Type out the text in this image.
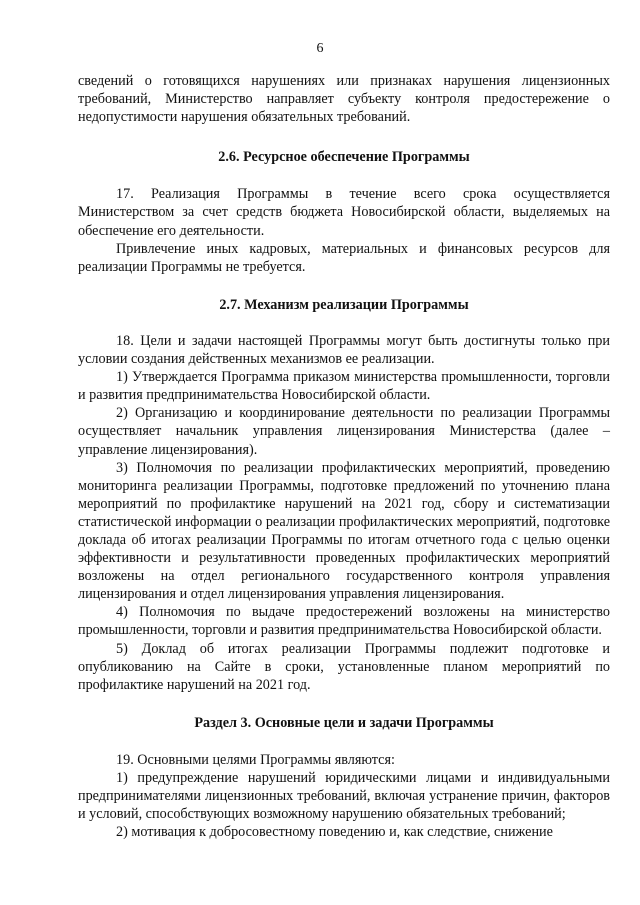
6

сведений о готовящихся нарушениях или признаках нарушения лицензионных требований, Министерство направляет субъекту контроля предостережение о недопустимости нарушения обязательных требований.

2.6. Ресурсное обеспечение Программы

17. Реализация Программы в течение всего срока осуществляется Министерством за счет средств бюджета Новосибирской области, выделяемых на обеспечение его деятельности.

Привлечение иных кадровых, материальных и финансовых ресурсов для реализации Программы не требуется.

2.7. Механизм реализации Программы

18. Цели и задачи настоящей Программы могут быть достигнуты только при условии создания действенных механизмов ее реализации.

1) Утверждается Программа приказом министерства промышленности, торговли и развития предпринимательства Новосибирской области.

2) Организацию и координирование деятельности по реализации Программы осуществляет начальник управления лицензирования Министерства (далее – управление лицензирования).

3) Полномочия по реализации профилактических мероприятий, проведению мониторинга реализации Программы, подготовке предложений по уточнению плана мероприятий по профилактике нарушений на 2021 год, сбору и систематизации статистической информации о реализации профилактических мероприятий, подготовке доклада об итогах реализации Программы по итогам отчетного года с целью оценки эффективности и результативности проведенных профилактических мероприятий возложены на отдел регионального государственного контроля управления лицензирования и отдел лицензирования управления лицензирования.

4) Полномочия по выдаче предостережений возложены на министерство промышленности, торговли и развития предпринимательства Новосибирской области.

5) Доклад об итогах реализации Программы подлежит подготовке и опубликованию на Сайте в сроки, установленные планом мероприятий по профилактике нарушений на 2021 год.

Раздел 3. Основные цели и задачи Программы

19. Основными целями Программы являются:

1) предупреждение нарушений юридическими лицами и индивидуальными предпринимателями лицензионных требований, включая устранение причин, факторов и условий, способствующих возможному нарушению обязательных требований;

2) мотивация к добросовестному поведению и, как следствие, снижение
